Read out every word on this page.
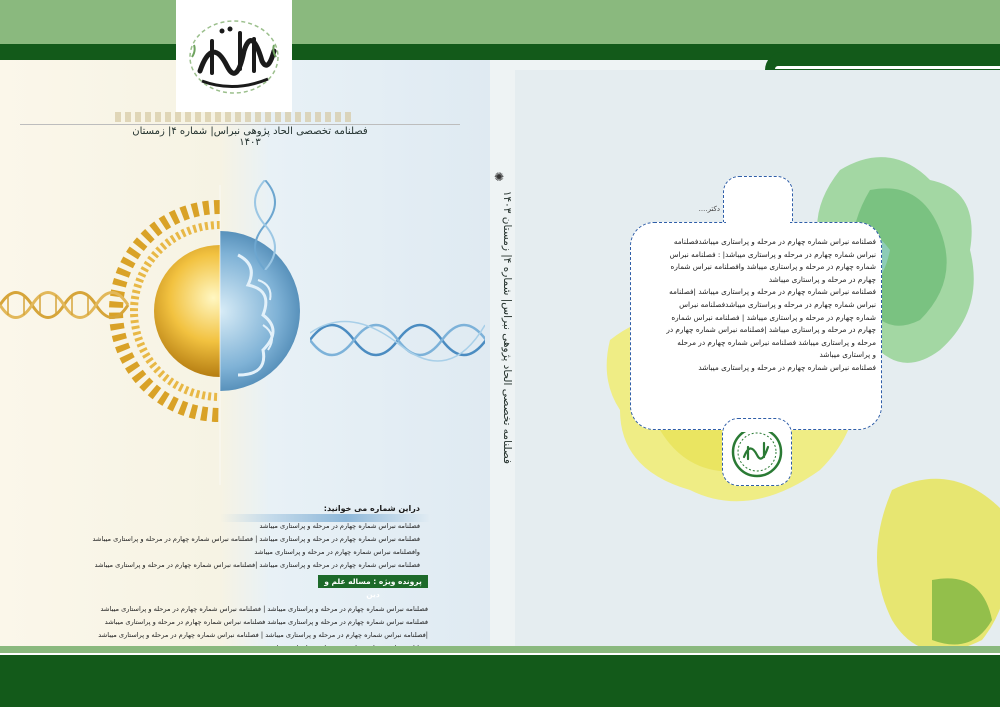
فصلنامه تخصصی الحاد پژوهی نبراس| شماره ۴| زمستان ۱۴۰۳
✺
فصلنامه تخصصی الحاد پژوهی نبراس| شماره ۴| زمستان ۱۴۰۳
دراین شماره می خوانید:
فصلنامه نبراس شماره چهارم در مرحله و پراستاری میباشد
فصلنامه نبراس شماره چهارم در مرحله و پراستاری میباشد | فصلنامه نبراس شماره چهارم در مرحله و پراستاری میباشد
وافصلنامه نبراس شماره چهارم در مرحله و پراستاری میباشد
فصلنامه نبراس شماره چهارم در مرحله و پراستاری میباشد |فصلنامه نبراس شماره چهارم در مرحله و پراستاری میباشد
پرونده ویژه : مساله علم و دین
فصلنامه نبراس شماره چهارم در مرحله و پراستاری میباشد | فصلنامه نبراس شماره چهارم در مرحله و پراستاری میباشد
فصلنامه نبراس شماره چهارم در مرحله و پراستاری میباشد فصلنامه نبراس شماره چهارم در مرحله و پراستاری میباشد
|فصلنامه نبراس شماره چهارم در مرحله و پراستاری میباشد | فصلنامه نبراس شماره چهارم در مرحله و پراستاری میباشد
دکتر....
فصلنامه نبراس شماره چهارم در مرحله و پراستاری میباشدفصلنامه
نبراس شماره چهارم در مرحله و پراستاری میباشد| : فصلنامه نبراس
شماره چهارم در مرحله و پراستاری میباشد وافصلنامه نبراس شماره
چهارم در مرحله و پراستاری میباشد
فصلنامه نبراس شماره چهارم در مرحله و پراستاری میباشد |فصلنامه
نبراس شماره چهارم در مرحله و پراستاری میباشدفصلنامه نبراس
شماره چهارم در مرحله و پراستاری میباشد | فصلنامه نبراس شماره
چهارم در مرحله و پراستاری میباشد |فصلنامه نبراس شماره چهارم در
مرحله و پراستاری میباشد فصلنامه نبراس شماره چهارم در مرحله
و پراستاری میباشد
فصلنامه نبراس شماره چهارم در مرحله و پراستاری میباشد
